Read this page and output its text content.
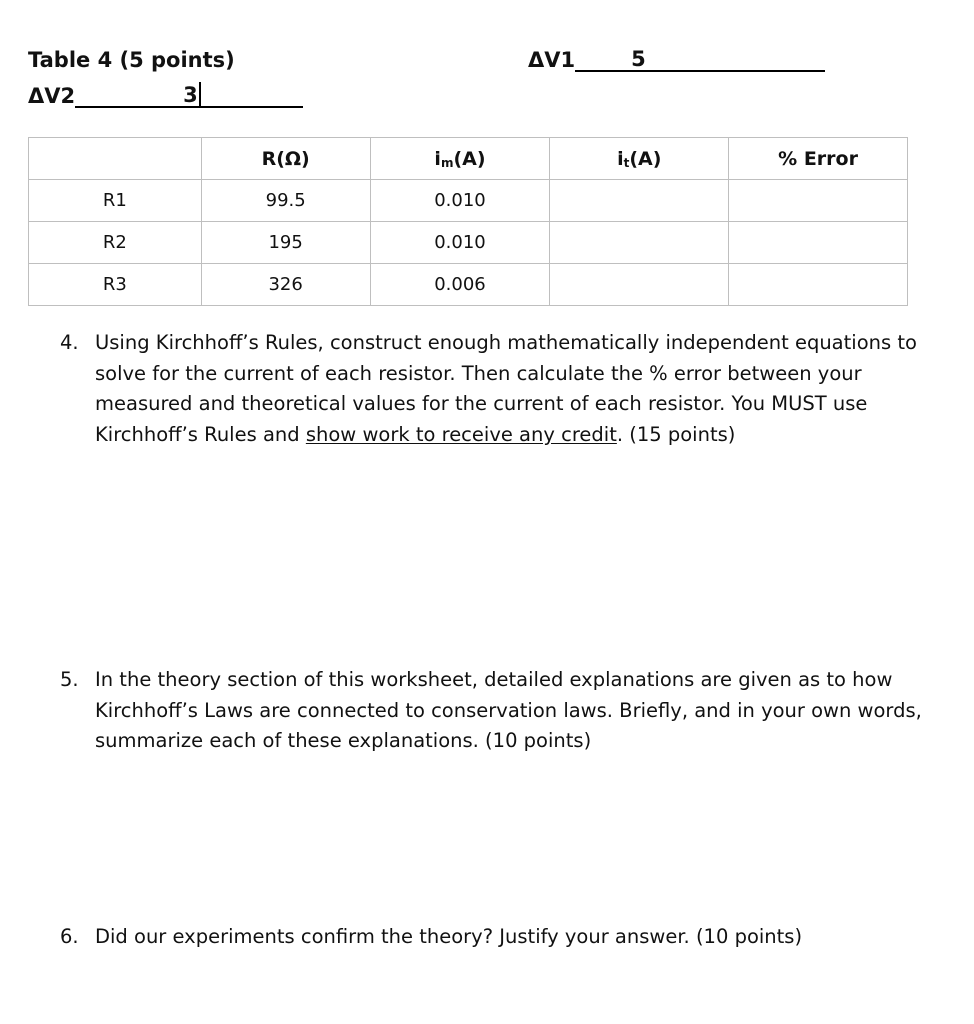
Table 4 (5 points)	ΔV1	5
ΔV2	3
	R(Ω)	im(A)	it(A)	% Error
R1	99.5	0.010		
R2	195	0.010		
R3	326	0.006		
4. Using Kirchhoff’s Rules, construct enough mathematically independent equations to solve for the current of each resistor. Then calculate the % error between your measured and theoretical values for the current of each resistor. You MUST use Kirchhoff’s Rules and show work to receive any credit. (15 points)
5. In the theory section of this worksheet, detailed explanations are given as to how Kirchhoff’s Laws are connected to conservation laws. Briefly, and in your own words, summarize each of these explanations. (10 points)
6. Did our experiments confirm the theory? Justify your answer. (10 points)
